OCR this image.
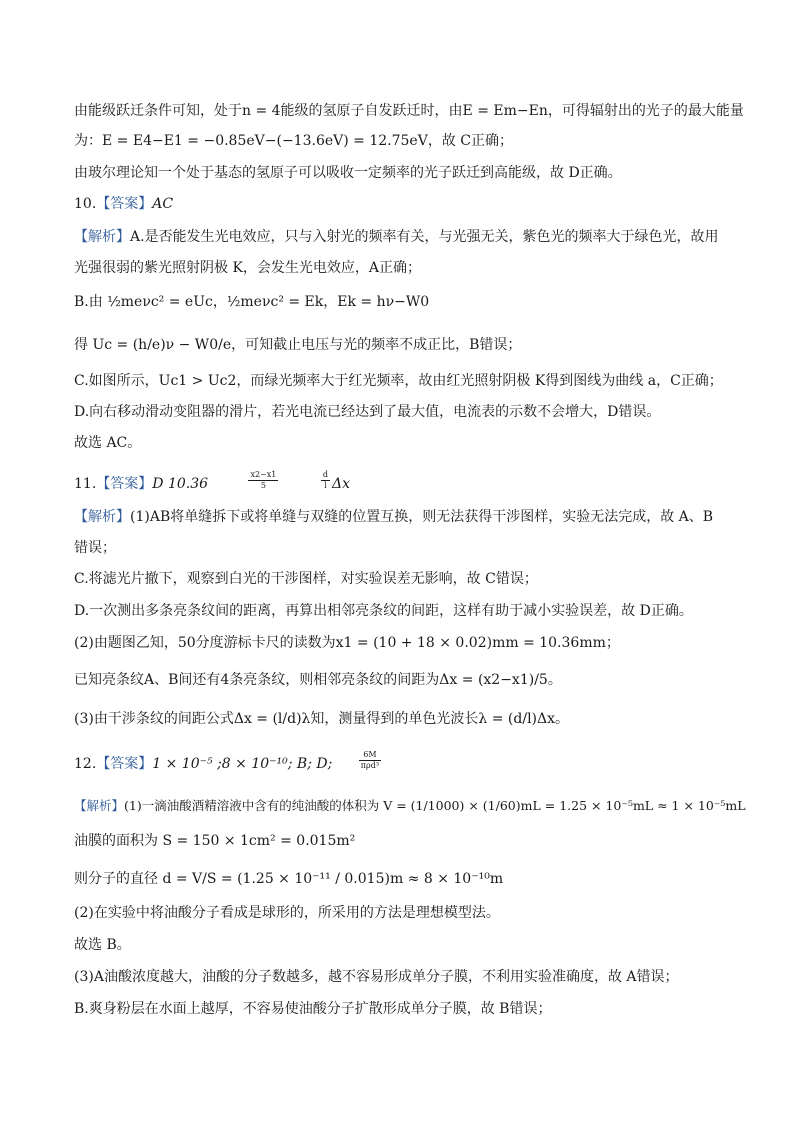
由能级跃迁条件可知，处于n = 4能级的氢原子自发跃迁时，由E = Em−En，可得辐射出的光子的最大能量
为：E = E4−E1 = −0.85eV−(−13.6eV) = 12.75eV，故 C正确；
由玻尔理论知一个处于基态的氢原子可以吸收一定频率的光子跃迁到高能级，故 D正确。
10.【答案】AC
【解析】A.是否能发生光电效应，只与入射光的频率有关，与光强无关，紫色光的频率大于绿色光，故用
光强很弱的紫光照射阴极 K，会发生光电效应，A正确；
B.由 ½meνc² = eUc，½meνc² = Ek，Ek = hν−W0
得 Uc = (h/e)ν − W0/e，可知截止电压与光的频率不成正比，B错误；
C.如图所示，Uc1 > Uc2，而绿光频率大于红光频率，故由红光照射阴极 K得到图线为曲线 a，C正确；
D.向右移动滑动变阻器的滑片，若光电流已经达到了最大值，电流表的示数不会增大，D错误。
故选 AC。
11.【答案】D 10.36	$\frac{x2-x1}{5}$
	$\frac{d}{l}$ Δx
【解析】(1)AB将单缝拆下或将单缝与双缝的位置互换，则无法获得干涉图样，实验无法完成，故 A、B
错误；
C.将滤光片撤下，观察到白光的干涉图样，对实验误差无影响，故 C错误；
D.一次测出多条亮条纹间的距离，再算出相邻亮条纹的间距，这样有助于减小实验误差，故 D正确。
(2)由题图乙知，50分度游标卡尺的读数为x1 = (10 + 18 × 0.02)mm = 10.36mm；
已知亮条纹A、B间还有4条亮条纹，则相邻亮条纹的间距为Δx = (x2−x1)/5。
(3)由干涉条纹的间距公式Δx = (l/d)λ知，测量得到的单色光波长λ = (d/l)Δx。
12.【答案】1 × 10⁻⁵ ;8 × 10⁻¹⁰; B; D;	$\frac{6M}{\text{πρd³}}$
【解析】(1)一滴油酸酒精溶液中含有的纯油酸的体积为 V = (1/1000) × (1/60)mL = 1.25 × 10⁻⁵mL ≈ 1 × 10⁻⁵mL
油膜的面积为 S = 150 × 1cm² = 0.015m²
则分子的直径 d = V/S = (1.25 × 10⁻¹¹ / 0.015)m ≈ 8 × 10⁻¹⁰m
(2)在实验中将油酸分子看成是球形的，所采用的方法是理想模型法。
故选 B。
(3)A油酸浓度越大，油酸的分子数越多，越不容易形成单分子膜，不利用实验准确度，故 A错误；
B.爽身粉层在水面上越厚，不容易使油酸分子扩散形成单分子膜，故 B错误；
